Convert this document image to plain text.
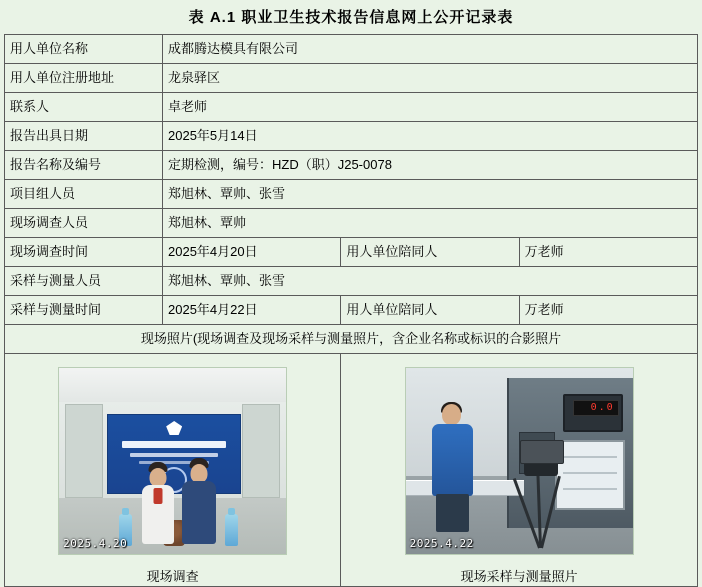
表 A.1 职业卫生技术报告信息网上公开记录表
用人单位名称	成都腾达模具有限公司		
用人单位注册地址	龙泉驿区		
联系人	卓老师		
报告出具日期	2025年5月14日		
报告名称及编号	定期检测，编号：HZD（职）J25-0078		
项目组人员	郑旭林、覃帅、张雪		
现场调查人员	郑旭林、覃帅		
现场调查时间	2025年4月20日	用人单位陪同人	万老师
采样与测量人员	郑旭林、覃帅、张雪		
采样与测量时间	2025年4月22日	用人单位陪同人	万老师
现场照片(现场调查及现场采样与测量照片，含企业名称或标识的合影照片			

2025.4.20
现场调查

0.0
2025.4.22
现场采样与测量照片
